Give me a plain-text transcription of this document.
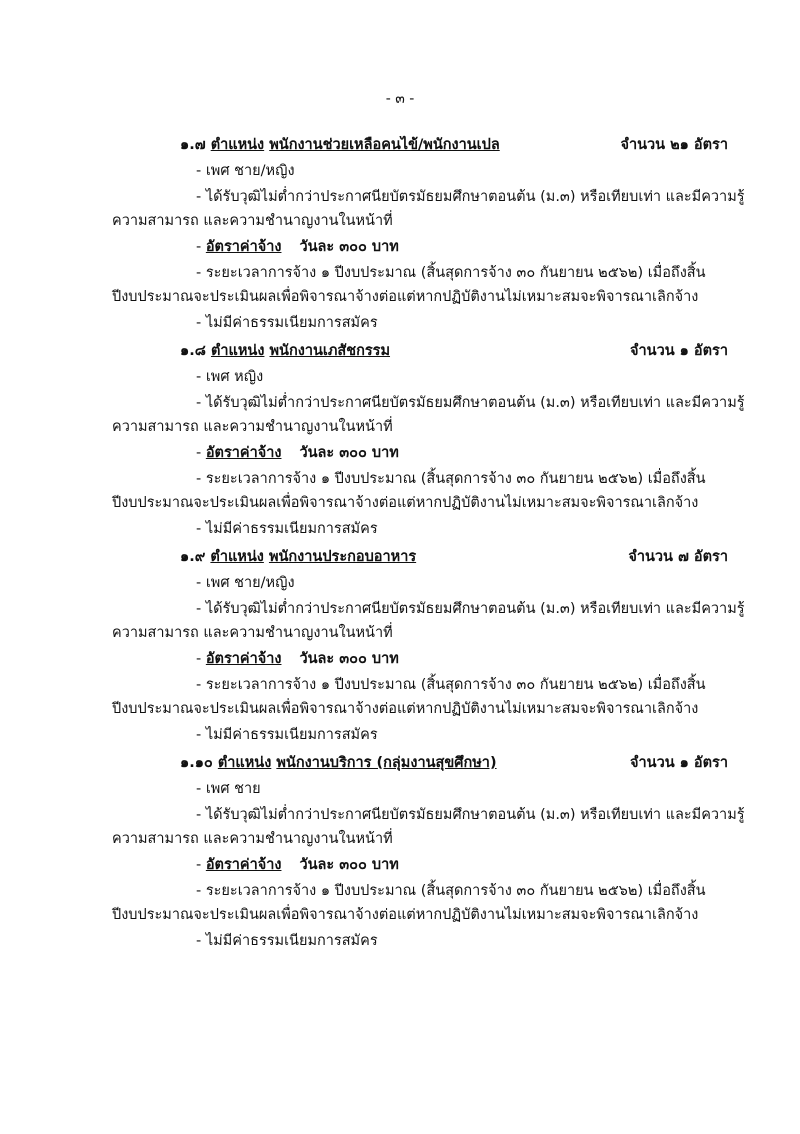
- ๓ -
๑.๗ ตำแหน่ง พนักงานช่วยเหลือคนไข้/พนักงานเปล	จำนวน ๒๑ อัตรา
- เพศ ชาย/หญิง
- ได้รับวุฒิไม่ต่ำกว่าประกาศนียบัตรมัธยมศึกษาตอนต้น (ม.๓) หรือเทียบเท่า และมีความรู้
ความสามารถ และความชำนาญงานในหน้าที่
- อัตราค่าจ้าง วันละ ๓๐๐ บาท
- ระยะเวลาการจ้าง ๑ ปีงบประมาณ (สิ้นสุดการจ้าง ๓๐ กันยายน ๒๕๖๒) เมื่อถึงสิ้น
ปีงบประมาณจะประเมินผลเพื่อพิจารณาจ้างต่อแต่หากปฏิบัติงานไม่เหมาะสมจะพิจารณาเลิกจ้าง
- ไม่มีค่าธรรมเนียมการสมัคร
๑.๘ ตำแหน่ง พนักงานเภสัชกรรม	จำนวน ๑ อัตรา
- เพศ หญิง
- ได้รับวุฒิไม่ต่ำกว่าประกาศนียบัตรมัธยมศึกษาตอนต้น (ม.๓) หรือเทียบเท่า และมีความรู้
ความสามารถ และความชำนาญงานในหน้าที่
- อัตราค่าจ้าง วันละ ๓๐๐ บาท
- ระยะเวลาการจ้าง ๑ ปีงบประมาณ (สิ้นสุดการจ้าง ๓๐ กันยายน ๒๕๖๒) เมื่อถึงสิ้น
ปีงบประมาณจะประเมินผลเพื่อพิจารณาจ้างต่อแต่หากปฏิบัติงานไม่เหมาะสมจะพิจารณาเลิกจ้าง
- ไม่มีค่าธรรมเนียมการสมัคร
๑.๙ ตำแหน่ง พนักงานประกอบอาหาร	จำนวน ๗ อัตรา
- เพศ ชาย/หญิง
- ได้รับวุฒิไม่ต่ำกว่าประกาศนียบัตรมัธยมศึกษาตอนต้น (ม.๓) หรือเทียบเท่า และมีความรู้
ความสามารถ และความชำนาญงานในหน้าที่
- อัตราค่าจ้าง วันละ ๓๐๐ บาท
- ระยะเวลาการจ้าง ๑ ปีงบประมาณ (สิ้นสุดการจ้าง ๓๐ กันยายน ๒๕๖๒) เมื่อถึงสิ้น
ปีงบประมาณจะประเมินผลเพื่อพิจารณาจ้างต่อแต่หากปฏิบัติงานไม่เหมาะสมจะพิจารณาเลิกจ้าง
- ไม่มีค่าธรรมเนียมการสมัคร
๑.๑๐ ตำแหน่ง พนักงานบริการ (กลุ่มงานสุขศึกษา)	จำนวน ๑ อัตรา
- เพศ ชาย
- ได้รับวุฒิไม่ต่ำกว่าประกาศนียบัตรมัธยมศึกษาตอนต้น (ม.๓) หรือเทียบเท่า และมีความรู้
ความสามารถ และความชำนาญงานในหน้าที่
- อัตราค่าจ้าง วันละ ๓๐๐ บาท
- ระยะเวลาการจ้าง ๑ ปีงบประมาณ (สิ้นสุดการจ้าง ๓๐ กันยายน ๒๕๖๒) เมื่อถึงสิ้น
ปีงบประมาณจะประเมินผลเพื่อพิจารณาจ้างต่อแต่หากปฏิบัติงานไม่เหมาะสมจะพิจารณาเลิกจ้าง
- ไม่มีค่าธรรมเนียมการสมัคร
